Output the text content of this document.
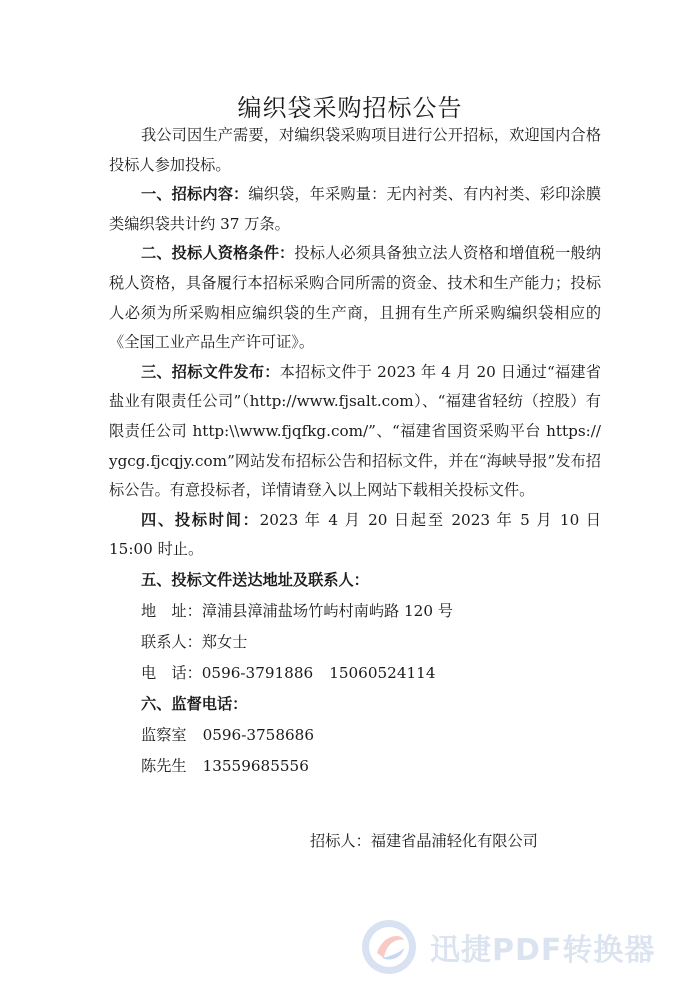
编织袋采购招标公告

我公司因生产需要，对编织袋采购项目进行公开招标，欢迎国内合格投标人参加投标。

一、招标内容：编织袋，年采购量：无内衬类、有内衬类、彩印涂膜类编织袋共计约 37 万条。

二、投标人资格条件：投标人必须具备独立法人资格和增值税一般纳税人资格，具备履行本招标采购合同所需的资金、技术和生产能力；投标人必须为所采购相应编织袋的生产商，且拥有生产所采购编织袋相应的《全国工业产品生产许可证》。

三、招标文件发布：本招标文件于 2023 年 4 月 20 日通过“福建省盐业有限责任公司”（http://www.fjsalt.com）、“福建省轻纺（控股）有限责任公司 http:\\www.fjqfkg.com/”、“福建省国资采购平台 https://ygcg.fjcqjy.com”网站发布招标公告和招标文件，并在“海峡导报”发布招标公告。有意投标者，详情请登入以上网站下载相关投标文件。

四、投标时间：2023 年 4 月 20 日起至 2023 年 5 月 10 日 15:00 时止。

五、投标文件送达地址及联系人：

地　址：漳浦县漳浦盐场竹屿村南屿路 120 号

联系人：郑女士

电　话：0596-3791886 15060524114

六、监督电话：

监察室 0596-3758686

陈先生 13559685556

招标人：福建省晶浦轻化有限公司
迅捷PDF转换器
